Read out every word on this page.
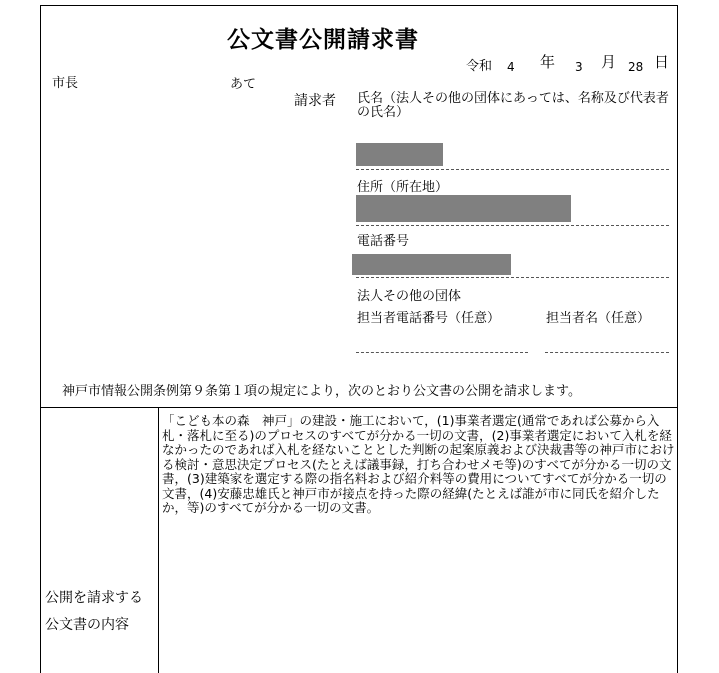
公文書公開請求書
令和 4 年 3 月 28 日
市長	あて
請求者 氏名（法人その他の団体にあっては、名称及び代表者の氏名）
住所（所在地）
電話番号
法人その他の団体
担当者電話番号（任意）	担当者名（任意）
神戸市情報公開条例第９条第１項の規定により，次のとおり公文書の公開を請求します。
公開を請求する
公文書の内容
「こども本の森　神戸」の建設・施工において，(1)事業者選定(通常であれば公募から入札・落札に至る)のプロセスのすべてが分かる一切の文書，(2)事業者選定において入札を経なかったのであれば入札を経ないこととした判断の起案原義および決裁書等の神戸市における検討・意思決定プロセス(たとえば議事録，打ち合わせメモ等)のすべてが分かる一切の文書，(3)建築家を選定する際の指名料および紹介料等の費用についてすべてが分かる一切の文書，(4)安藤忠雄氏と神戸市が接点を持った際の経緯(たとえば誰が市に同氏を紹介したか，等)のすべてが分かる一切の文書。
